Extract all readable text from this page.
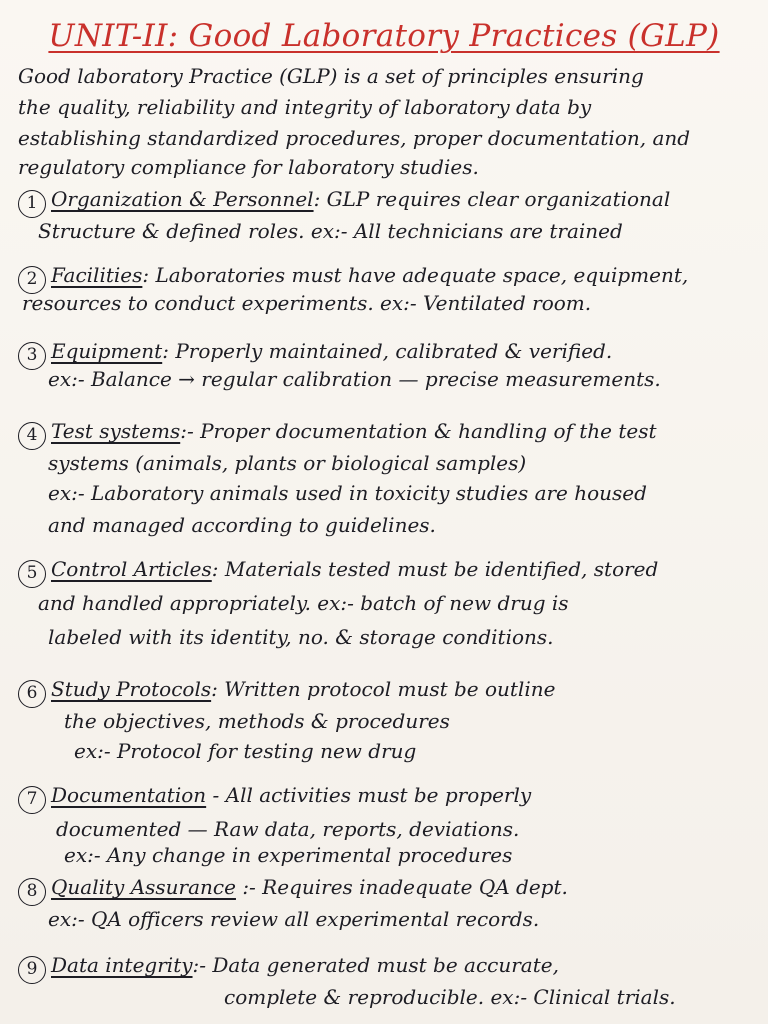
UNIT-II: Good Laboratory Practices (GLP)
Good laboratory Practice (GLP) is a set of principles ensuring
the quality, reliability and integrity of laboratory data by
establishing standardized procedures, proper documentation, and
regulatory compliance for laboratory studies.
1 Organization & Personnel: GLP requires clear organizational
Structure & defined roles. ex:- All technicians are trained
2 Facilities: Laboratories must have adequate space, equipment,
resources to conduct experiments. ex:- Ventilated room.
3 Equipment: Properly maintained, calibrated & verified.
ex:- Balance → regular calibration — precise measurements.
4 Test systems:- Proper documentation & handling of the test
systems (animals, plants or biological samples)
ex:- Laboratory animals used in toxicity studies are housed
and managed according to guidelines.
5 Control Articles: Materials tested must be identified, stored
and handled appropriately. ex:- batch of new drug is
labeled with its identity, no. & storage conditions.
6 Study Protocols: Written protocol must be outline
the objectives, methods & procedures
ex:- Protocol for testing new drug
7 Documentation - All activities must be properly
documented — Raw data, reports, deviations.
ex:- Any change in experimental procedures
8 Quality Assurance :- Requires inadequate QA dept.
ex:- QA officers review all experimental records.
9 Data integrity:- Data generated must be accurate,
complete & reproducible. ex:- Clinical trials.
